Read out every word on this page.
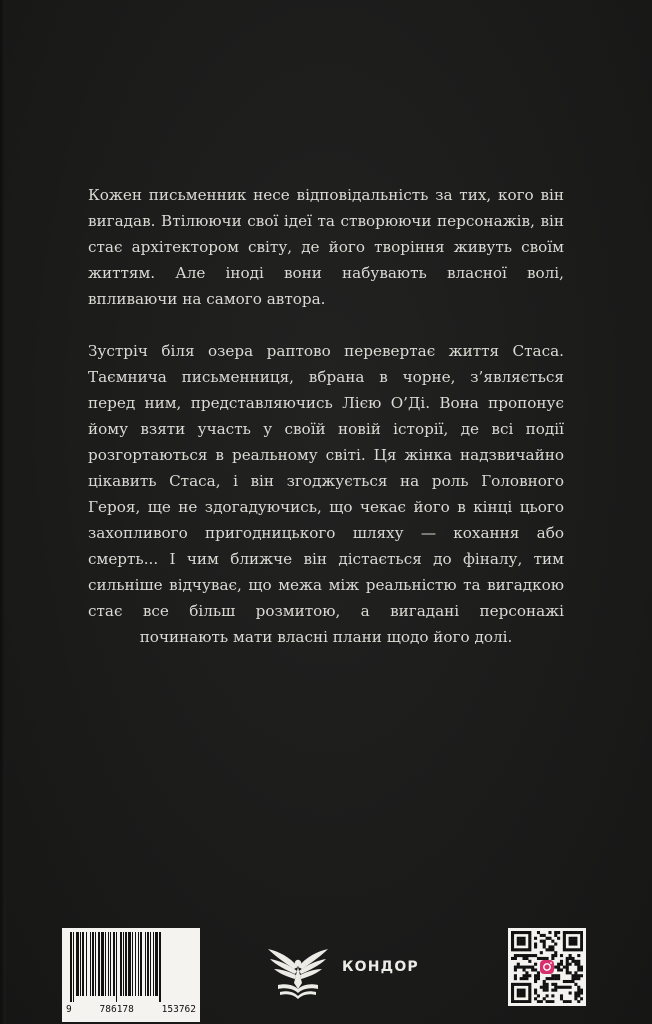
Кожен письменник несе відповідальність за тих, кого він вигадав. Втілюючи свої ідеї та створюючи персонажів, він стає архітектором світу, де його творіння живуть своїм життям. Але іноді вони набувають власної волі, впливаючи на самого автора.

Зустріч біля озера раптово перевертає життя Стаса. Таємнича письменниця, вбрана в чорне, з’являється перед ним, представляючись Лією О’Ді. Вона пропонує йому взяти участь у своїй новій історії, де всі події розгортаються в реальному світі. Ця жінка надзвичайно цікавить Стаса, і він згоджується на роль Головного Героя, ще не здогадуючись, що чекає його в кінці цього захопливого пригодницького шляху — кохання або смерть... І чим ближче він дістається до фіналу, тим сильніше відчуває, що межа між реальністю та вигадкою стає все більш розмитою, а вигадані персонажі починають мати власні плани щодо його долі.

9	786178	153762
КОНДОР
